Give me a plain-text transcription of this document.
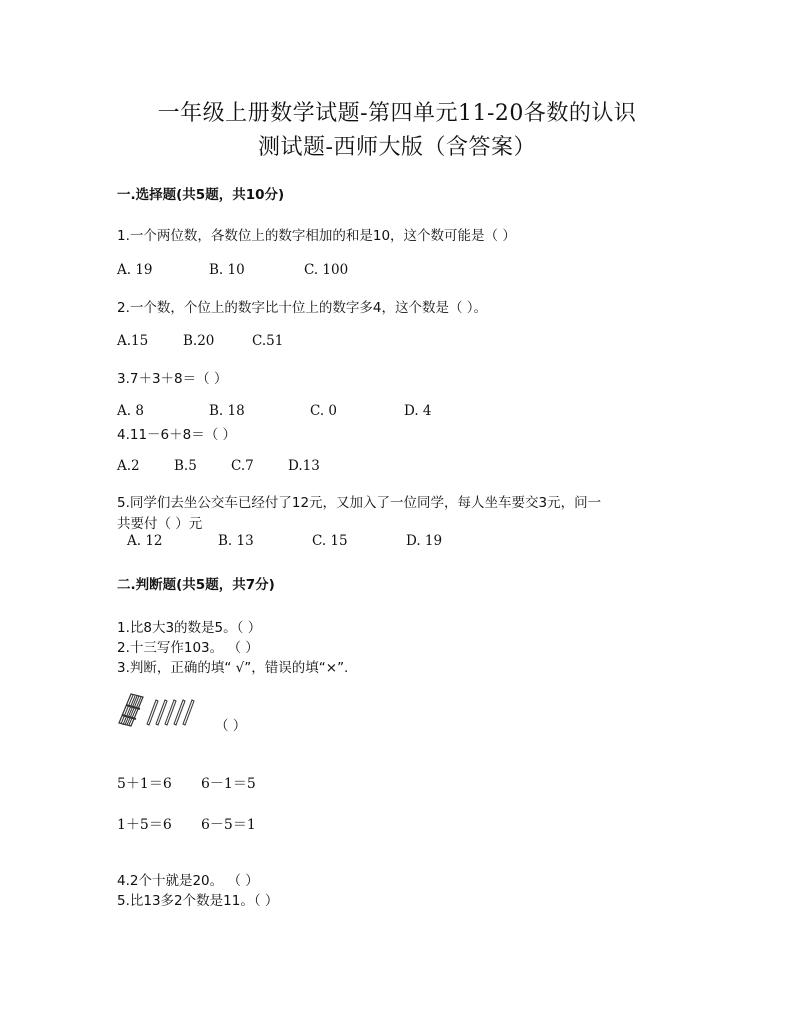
一年级上册数学试题-第四单元11-20各数的认识
测试题-西师大版（含答案）
一.选择题(共5题，共10分)
1.一个两位数，各数位上的数字相加的和是10，这个数可能是（ ）
A. 19	B. 10	C. 100
2.一个数，个位上的数字比十位上的数字多4，这个数是（ ）。
A.15	B.20	C.51
3.7＋3＋8＝（ ）
A. 8	B. 18	C. 0	D. 4
4.11－6＋8＝（ ）
A.2	B.5	C.7	D.13
5.同学们去坐公交车已经付了12元，又加入了一位同学，每人坐车要交3元，问一
共要付（ ）元
A. 12	B. 13	C. 15	D. 19
二.判断题(共5题，共7分)
1.比8大3的数是5。（ ）
2.十三写作103。 （ ）
3.判断，正确的填“ √”，错误的填“×”.
（ ）
5＋1＝6 6－1＝5
1＋5＝6 6－5＝1
4.2个十就是20。 （ ）
5.比13多2个数是11。（ ）
